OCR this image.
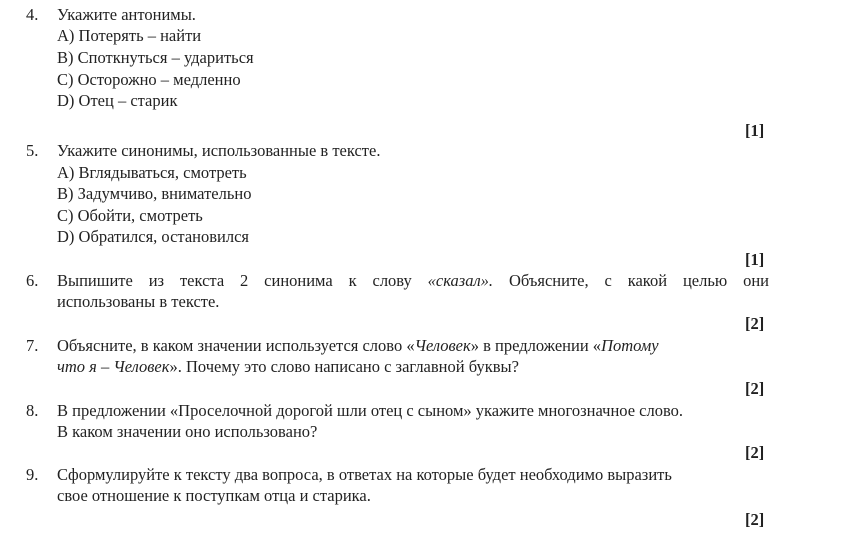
4. Укажите антонимы.
A) Потерять – найти
B) Споткнуться – удариться
C) Осторожно – медленно
D) Отец – старик
[1]
5. Укажите синонимы, использованные в тексте.
A) Вглядываться, смотреть
B) Задумчиво, внимательно
C) Обойти, смотреть
D) Обратился, остановился
[1]
6. Выпишите из текста 2 синонима к слову «сказал». Объясните, с какой целью они
использованы в тексте.
[2]
7. Объясните, в каком значении используется слово «Человек» в предложении «Потому
что я – Человек». Почему это слово написано с заглавной буквы?
[2]
8. В предложении «Проселочной дорогой шли отец с сыном» укажите многозначное слово.
В каком значении оно использовано?
[2]
9. Сформулируйте к тексту два вопроса, в ответах на которые будет необходимо выразить
свое отношение к поступкам отца и старика.
[2]
